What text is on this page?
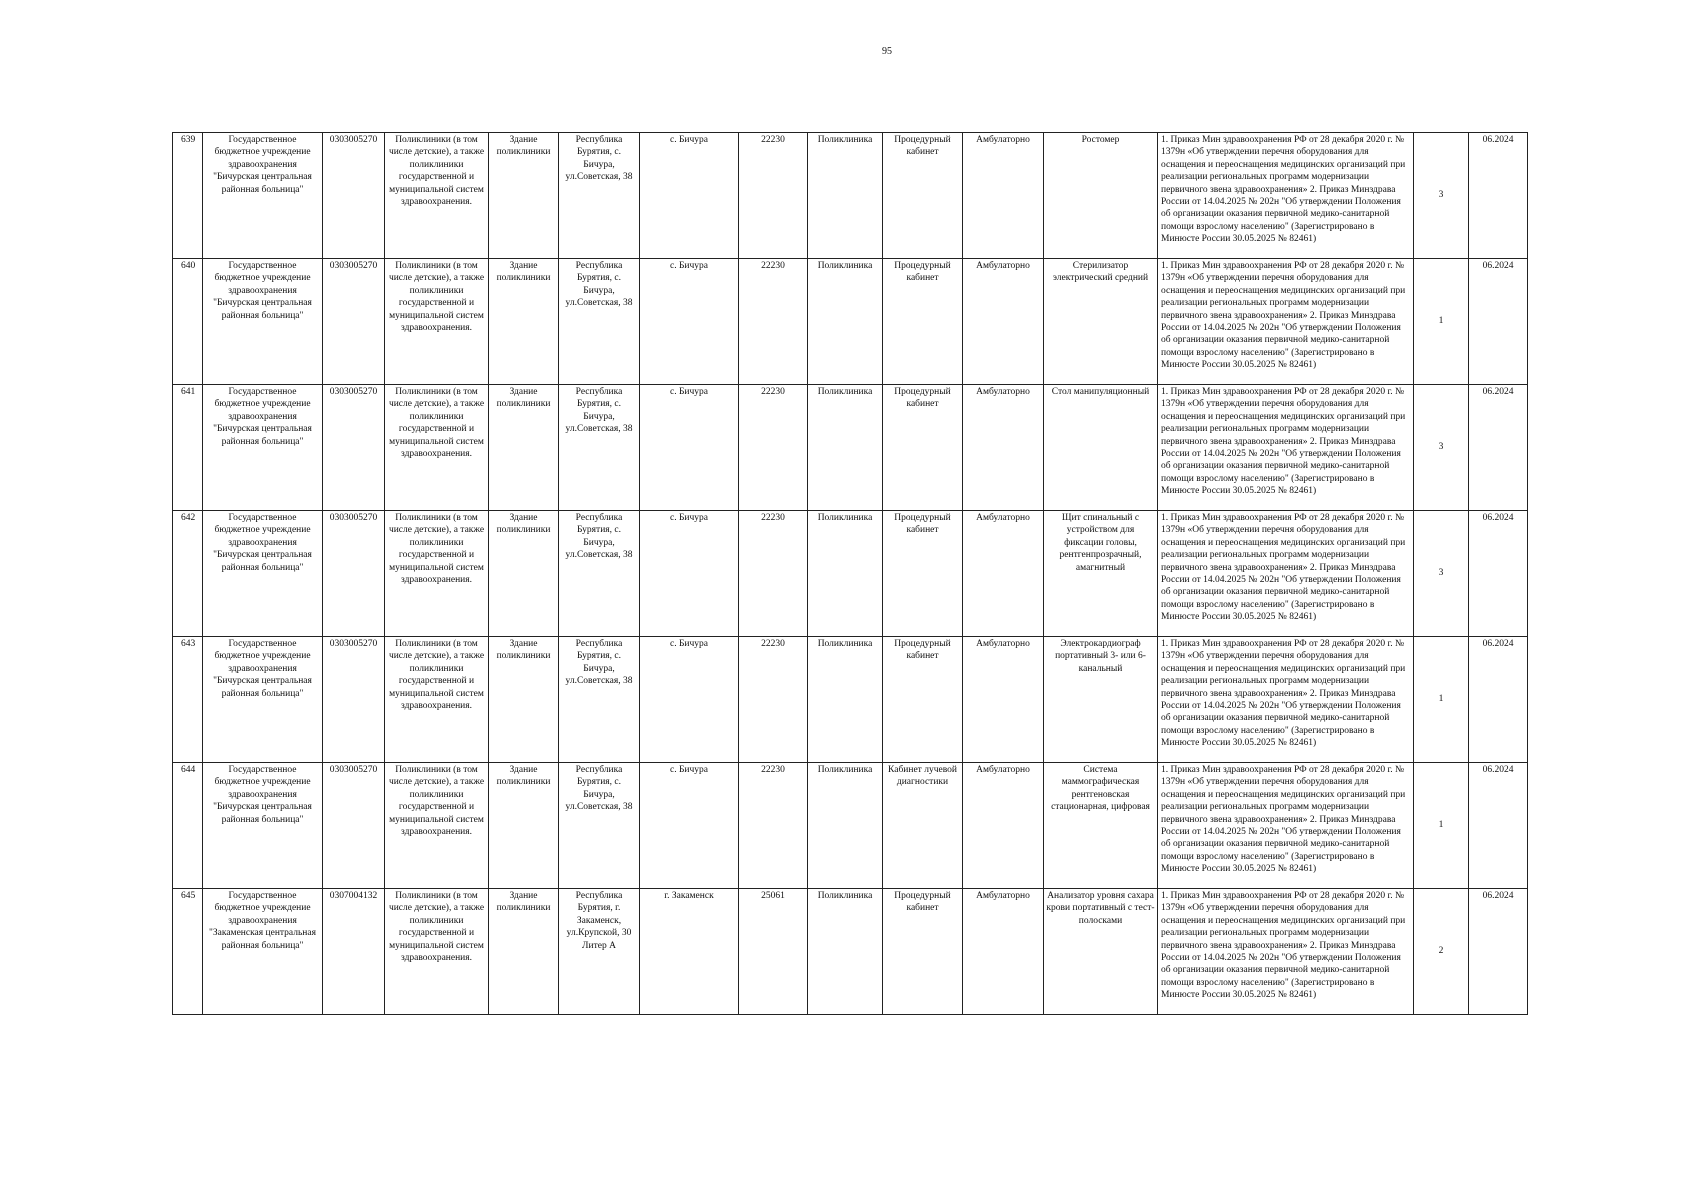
95
639	Государственное бюджетное учреждение здравоохранения "Бичурская центральная районная больница"	0303005270	Поликлиники (в том числе детские), а также поликлиники государственной и муниципальной систем здравоохранения.	Здание поликлиники	Республика Бурятия, с. Бичура, ул.Советская, 38	с. Бичура	22230	Поликлиника	Процедурный кабинет	Амбулаторно	Ростомер	1. Приказ Мин здравоохранения РФ от 28 декабря 2020 г. № 1379н «Об утверждении перечня оборудования для оснащения и переоснащения медицинских организаций при реализации региональных программ модернизации первичного звена здравоохранения» 2. Приказ Минздрава России от 14.04.2025 № 202н "Об утверждении Положения об организации оказания первичной медико-санитарной помощи взрослому населению" (Зарегистрировано в Минюсте России 30.05.2025 № 82461)	3	06.2024
640	Государственное бюджетное учреждение здравоохранения "Бичурская центральная районная больница"	0303005270	Поликлиники (в том числе детские), а также поликлиники государственной и муниципальной систем здравоохранения.	Здание поликлиники	Республика Бурятия, с. Бичура, ул.Советская, 38	с. Бичура	22230	Поликлиника	Процедурный кабинет	Амбулаторно	Стерилизатор электрический средний	1. Приказ Мин здравоохранения РФ от 28 декабря 2020 г. № 1379н «Об утверждении перечня оборудования для оснащения и переоснащения медицинских организаций при реализации региональных программ модернизации первичного звена здравоохранения» 2. Приказ Минздрава России от 14.04.2025 № 202н "Об утверждении Положения об организации оказания первичной медико-санитарной помощи взрослому населению" (Зарегистрировано в Минюсте России 30.05.2025 № 82461)	1	06.2024
641	Государственное бюджетное учреждение здравоохранения "Бичурская центральная районная больница"	0303005270	Поликлиники (в том числе детские), а также поликлиники государственной и муниципальной систем здравоохранения.	Здание поликлиники	Республика Бурятия, с. Бичура, ул.Советская, 38	с. Бичура	22230	Поликлиника	Процедурный кабинет	Амбулаторно	Стол манипуляционный	1. Приказ Мин здравоохранения РФ от 28 декабря 2020 г. № 1379н «Об утверждении перечня оборудования для оснащения и переоснащения медицинских организаций при реализации региональных программ модернизации первичного звена здравоохранения» 2. Приказ Минздрава России от 14.04.2025 № 202н "Об утверждении Положения об организации оказания первичной медико-санитарной помощи взрослому населению" (Зарегистрировано в Минюсте России 30.05.2025 № 82461)	3	06.2024
642	Государственное бюджетное учреждение здравоохранения "Бичурская центральная районная больница"	0303005270	Поликлиники (в том числе детские), а также поликлиники государственной и муниципальной систем здравоохранения.	Здание поликлиники	Республика Бурятия, с. Бичура, ул.Советская, 38	с. Бичура	22230	Поликлиника	Процедурный кабинет	Амбулаторно	Щит спинальный с устройством для фиксации головы, рентгенпрозрачный, амагнитный	1. Приказ Мин здравоохранения РФ от 28 декабря 2020 г. № 1379н «Об утверждении перечня оборудования для оснащения и переоснащения медицинских организаций при реализации региональных программ модернизации первичного звена здравоохранения» 2. Приказ Минздрава России от 14.04.2025 № 202н "Об утверждении Положения об организации оказания первичной медико-санитарной помощи взрослому населению" (Зарегистрировано в Минюсте России 30.05.2025 № 82461)	3	06.2024
643	Государственное бюджетное учреждение здравоохранения "Бичурская центральная районная больница"	0303005270	Поликлиники (в том числе детские), а также поликлиники государственной и муниципальной систем здравоохранения.	Здание поликлиники	Республика Бурятия, с. Бичура, ул.Советская, 38	с. Бичура	22230	Поликлиника	Процедурный кабинет	Амбулаторно	Электрокардиограф портативный 3- или 6-канальный	1. Приказ Мин здравоохранения РФ от 28 декабря 2020 г. № 1379н «Об утверждении перечня оборудования для оснащения и переоснащения медицинских организаций при реализации региональных программ модернизации первичного звена здравоохранения» 2. Приказ Минздрава России от 14.04.2025 № 202н "Об утверждении Положения об организации оказания первичной медико-санитарной помощи взрослому населению" (Зарегистрировано в Минюсте России 30.05.2025 № 82461)	1	06.2024
644	Государственное бюджетное учреждение здравоохранения "Бичурская центральная районная больница"	0303005270	Поликлиники (в том числе детские), а также поликлиники государственной и муниципальной систем здравоохранения.	Здание поликлиники	Республика Бурятия, с. Бичура, ул.Советская, 38	с. Бичура	22230	Поликлиника	Кабинет лучевой диагностики	Амбулаторно	Система маммографическая рентгеновская стационарная, цифровая	1. Приказ Мин здравоохранения РФ от 28 декабря 2020 г. № 1379н «Об утверждении перечня оборудования для оснащения и переоснащения медицинских организаций при реализации региональных программ модернизации первичного звена здравоохранения» 2. Приказ Минздрава России от 14.04.2025 № 202н "Об утверждении Положения об организации оказания первичной медико-санитарной помощи взрослому населению" (Зарегистрировано в Минюсте России 30.05.2025 № 82461)	1	06.2024
645	Государственное бюджетное учреждение здравоохранения "Закаменская центральная районная больница"	0307004132	Поликлиники (в том числе детские), а также поликлиники государственной и муниципальной систем здравоохранения.	Здание поликлиники	Республика Бурятия, г. Закаменск, ул.Крупской, 30 Литер А	г. Закаменск	25061	Поликлиника	Процедурный кабинет	Амбулаторно	Анализатор уровня сахара крови портативный с тест-полосками	1. Приказ Мин здравоохранения РФ от 28 декабря 2020 г. № 1379н «Об утверждении перечня оборудования для оснащения и переоснащения медицинских организаций при реализации региональных программ модернизации первичного звена здравоохранения» 2. Приказ Минздрава России от 14.04.2025 № 202н "Об утверждении Положения об организации оказания первичной медико-санитарной помощи взрослому населению" (Зарегистрировано в Минюсте России 30.05.2025 № 82461)	2	06.2024
